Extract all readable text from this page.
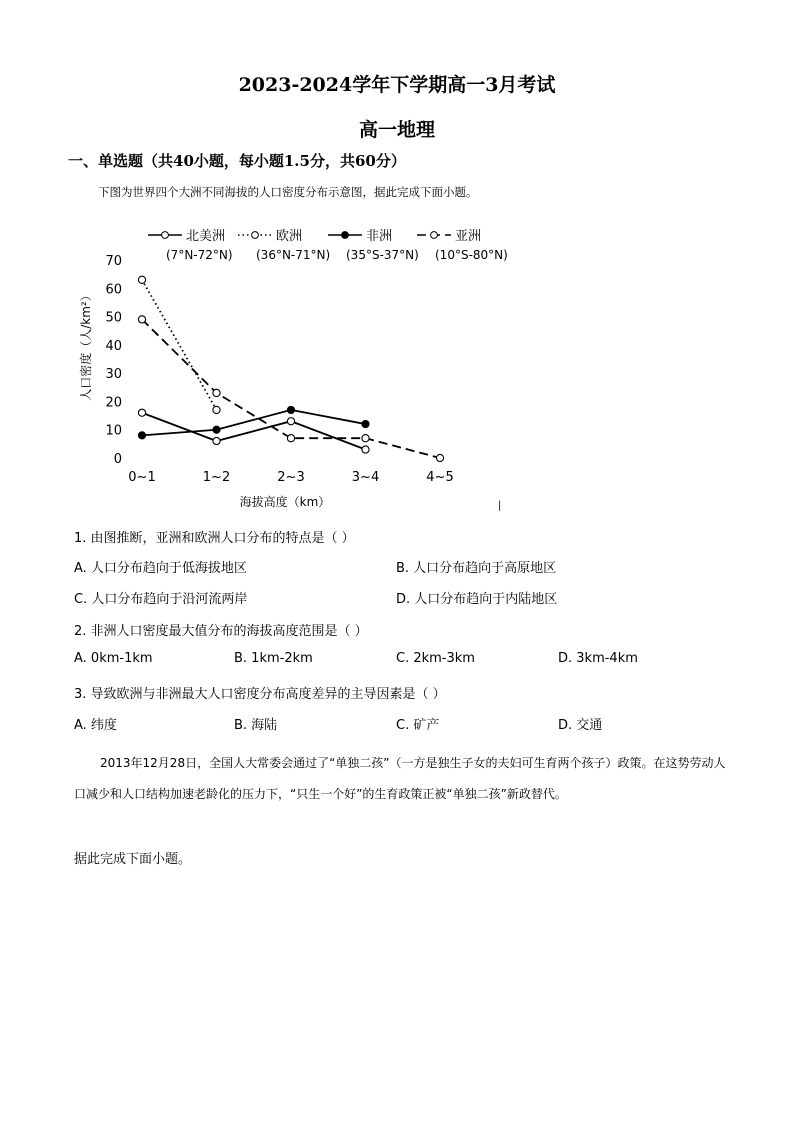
2023-2024学年下学期高一3月考试
高一地理
一、单选题（共40小题，每小题1.5分，共60分）
下图为世界四个大洲不同海拔的人口密度分布示意图，据此完成下面小题。
北美洲
(7°N-72°N)
欧洲
(36°N-71°N)
非洲
(35°S-37°N)
亚洲
(10°S-80°N)
0
10
20
30
40
50
60
70
0~1	1~2	2~3	3~4	4~5
人口密度（人/km²）
海拔高度（km）	|
1. 由图推断，亚洲和欧洲人口分布的特点是（ ）
A. 人口分布趋向于低海拔地区	B. 人口分布趋向于高原地区
C. 人口分布趋向于沿河流两岸	D. 人口分布趋向于内陆地区
2. 非洲人口密度最大值分布的海拔高度范围是（ ）
A. 0km-1km	B. 1km-2km	C. 2km-3km	D. 3km-4km
3. 导致欧洲与非洲最大人口密度分布高度差异的主导因素是（ ）
A. 纬度	B. 海陆	C. 矿产	D. 交通
2013年12月28日，全国人大常委会通过了“单独二孩”（一方是独生子女的夫妇可生育两个孩子）政策。在这势劳动人口减少和人口结构加速老龄化的压力下，“只生一个好”的生育政策正被“单独二孩”新政替代。
据此完成下面小题。
